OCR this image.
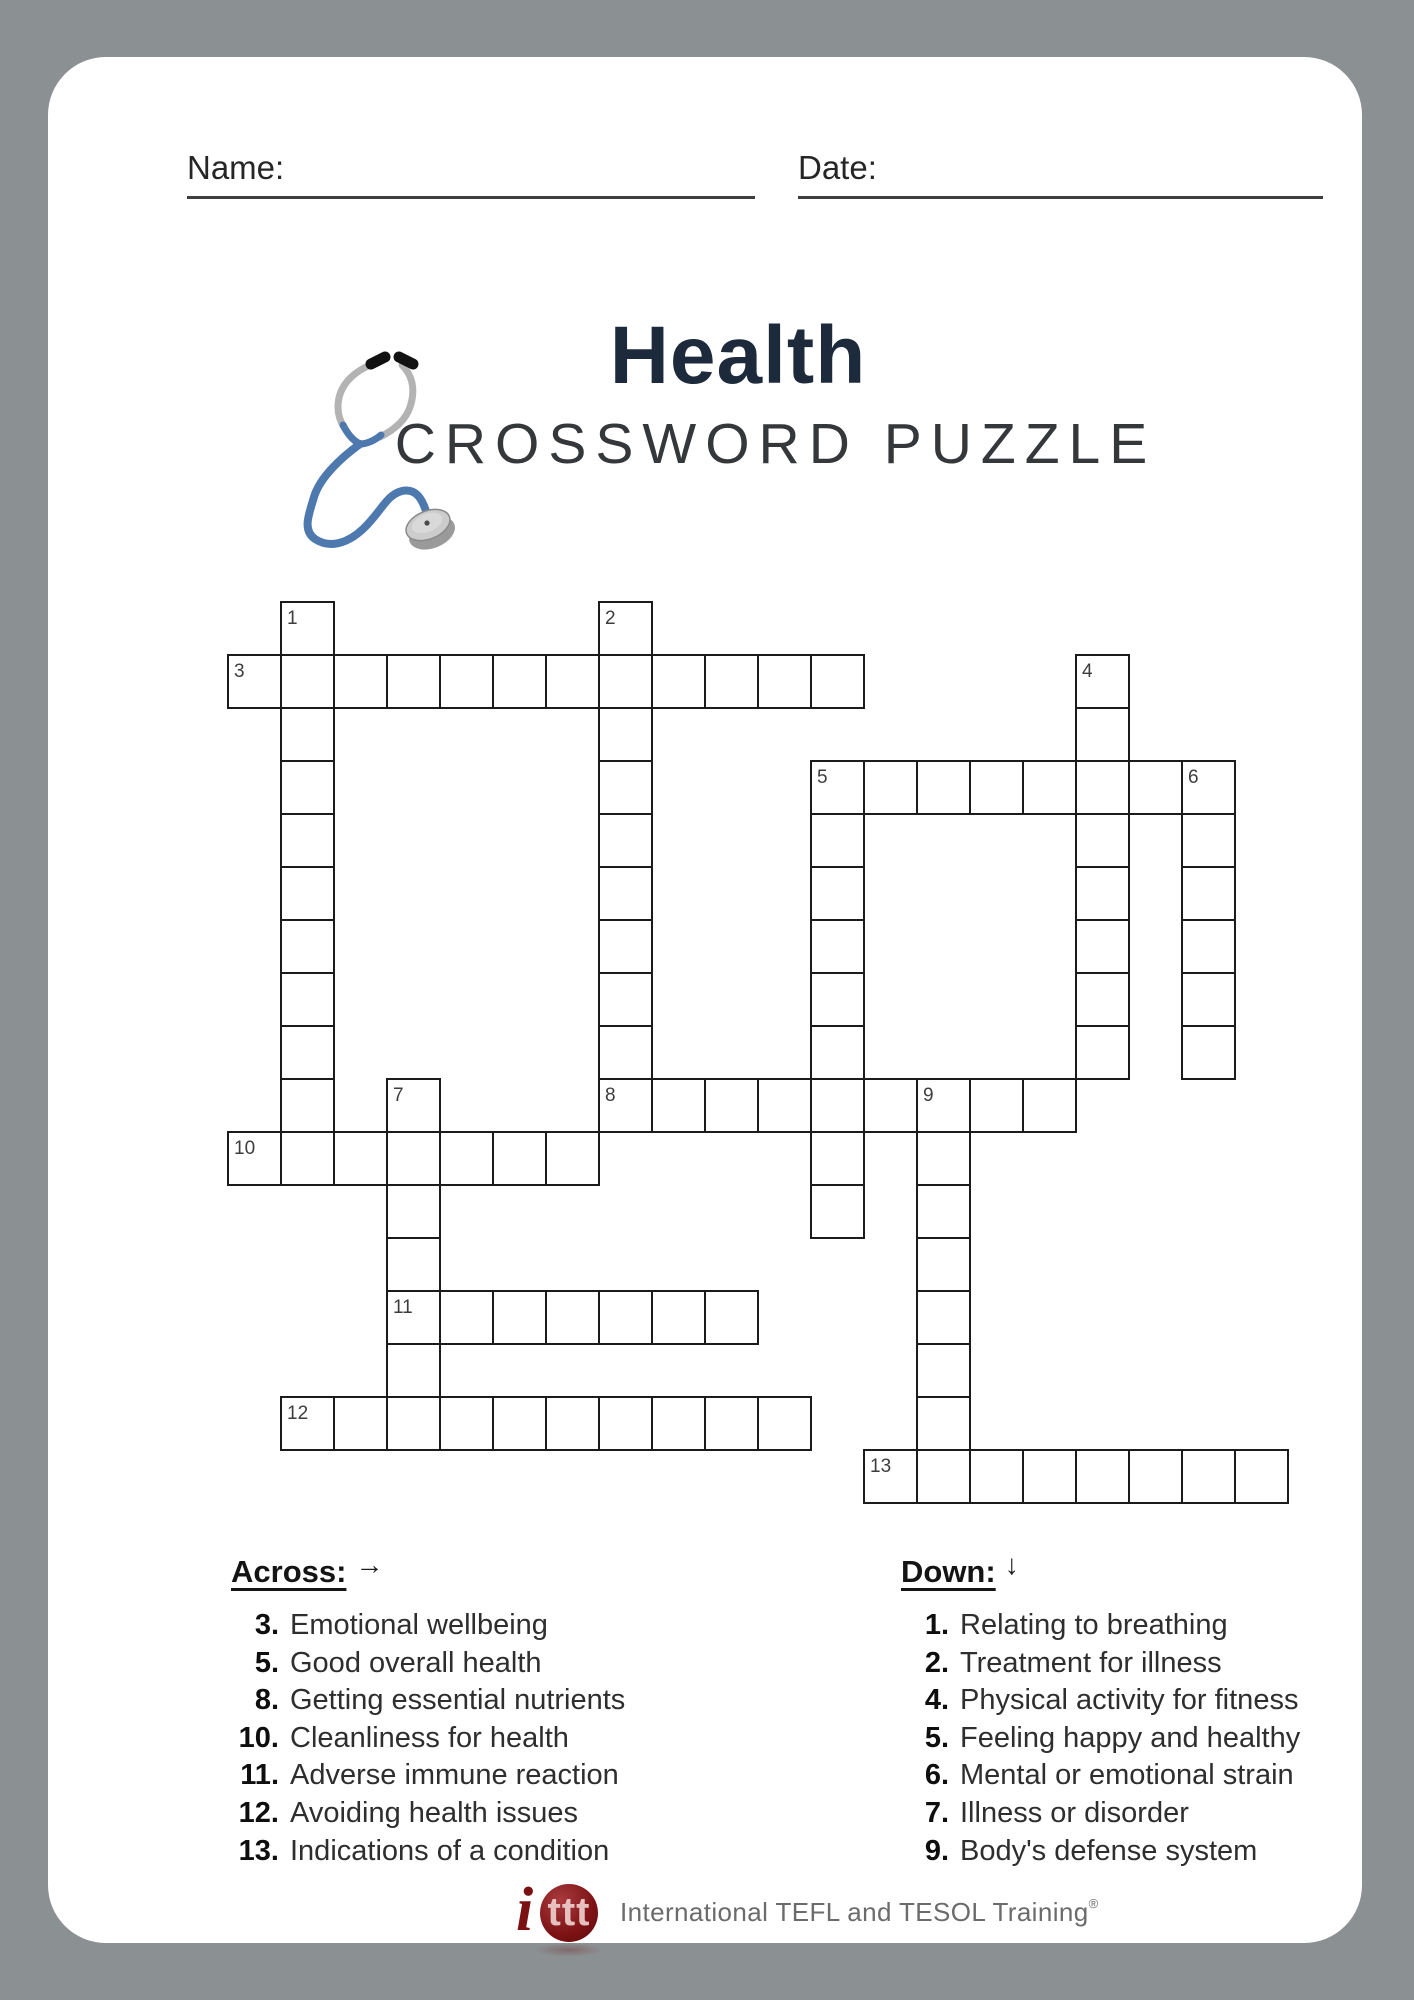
Name:	Date:
Health
CROSSWORD PUZZLE
3
5
8
10
11
12
13
1	2
4
6
7	9
Across: →
3. Emotional wellbeing
5. Good overall health
8. Getting essential nutrients
10. Cleanliness for health
11. Adverse immune reaction
12. Avoiding health issues
13. Indications of a condition
Down: ↓
1. Relating to breathing
2. Treatment for illness
4. Physical activity for fitness
5. Feeling happy and healthy
6. Mental or emotional strain
7. Illness or disorder
9. Body's defense system
i ttt International TEFL and TESOL Training®
